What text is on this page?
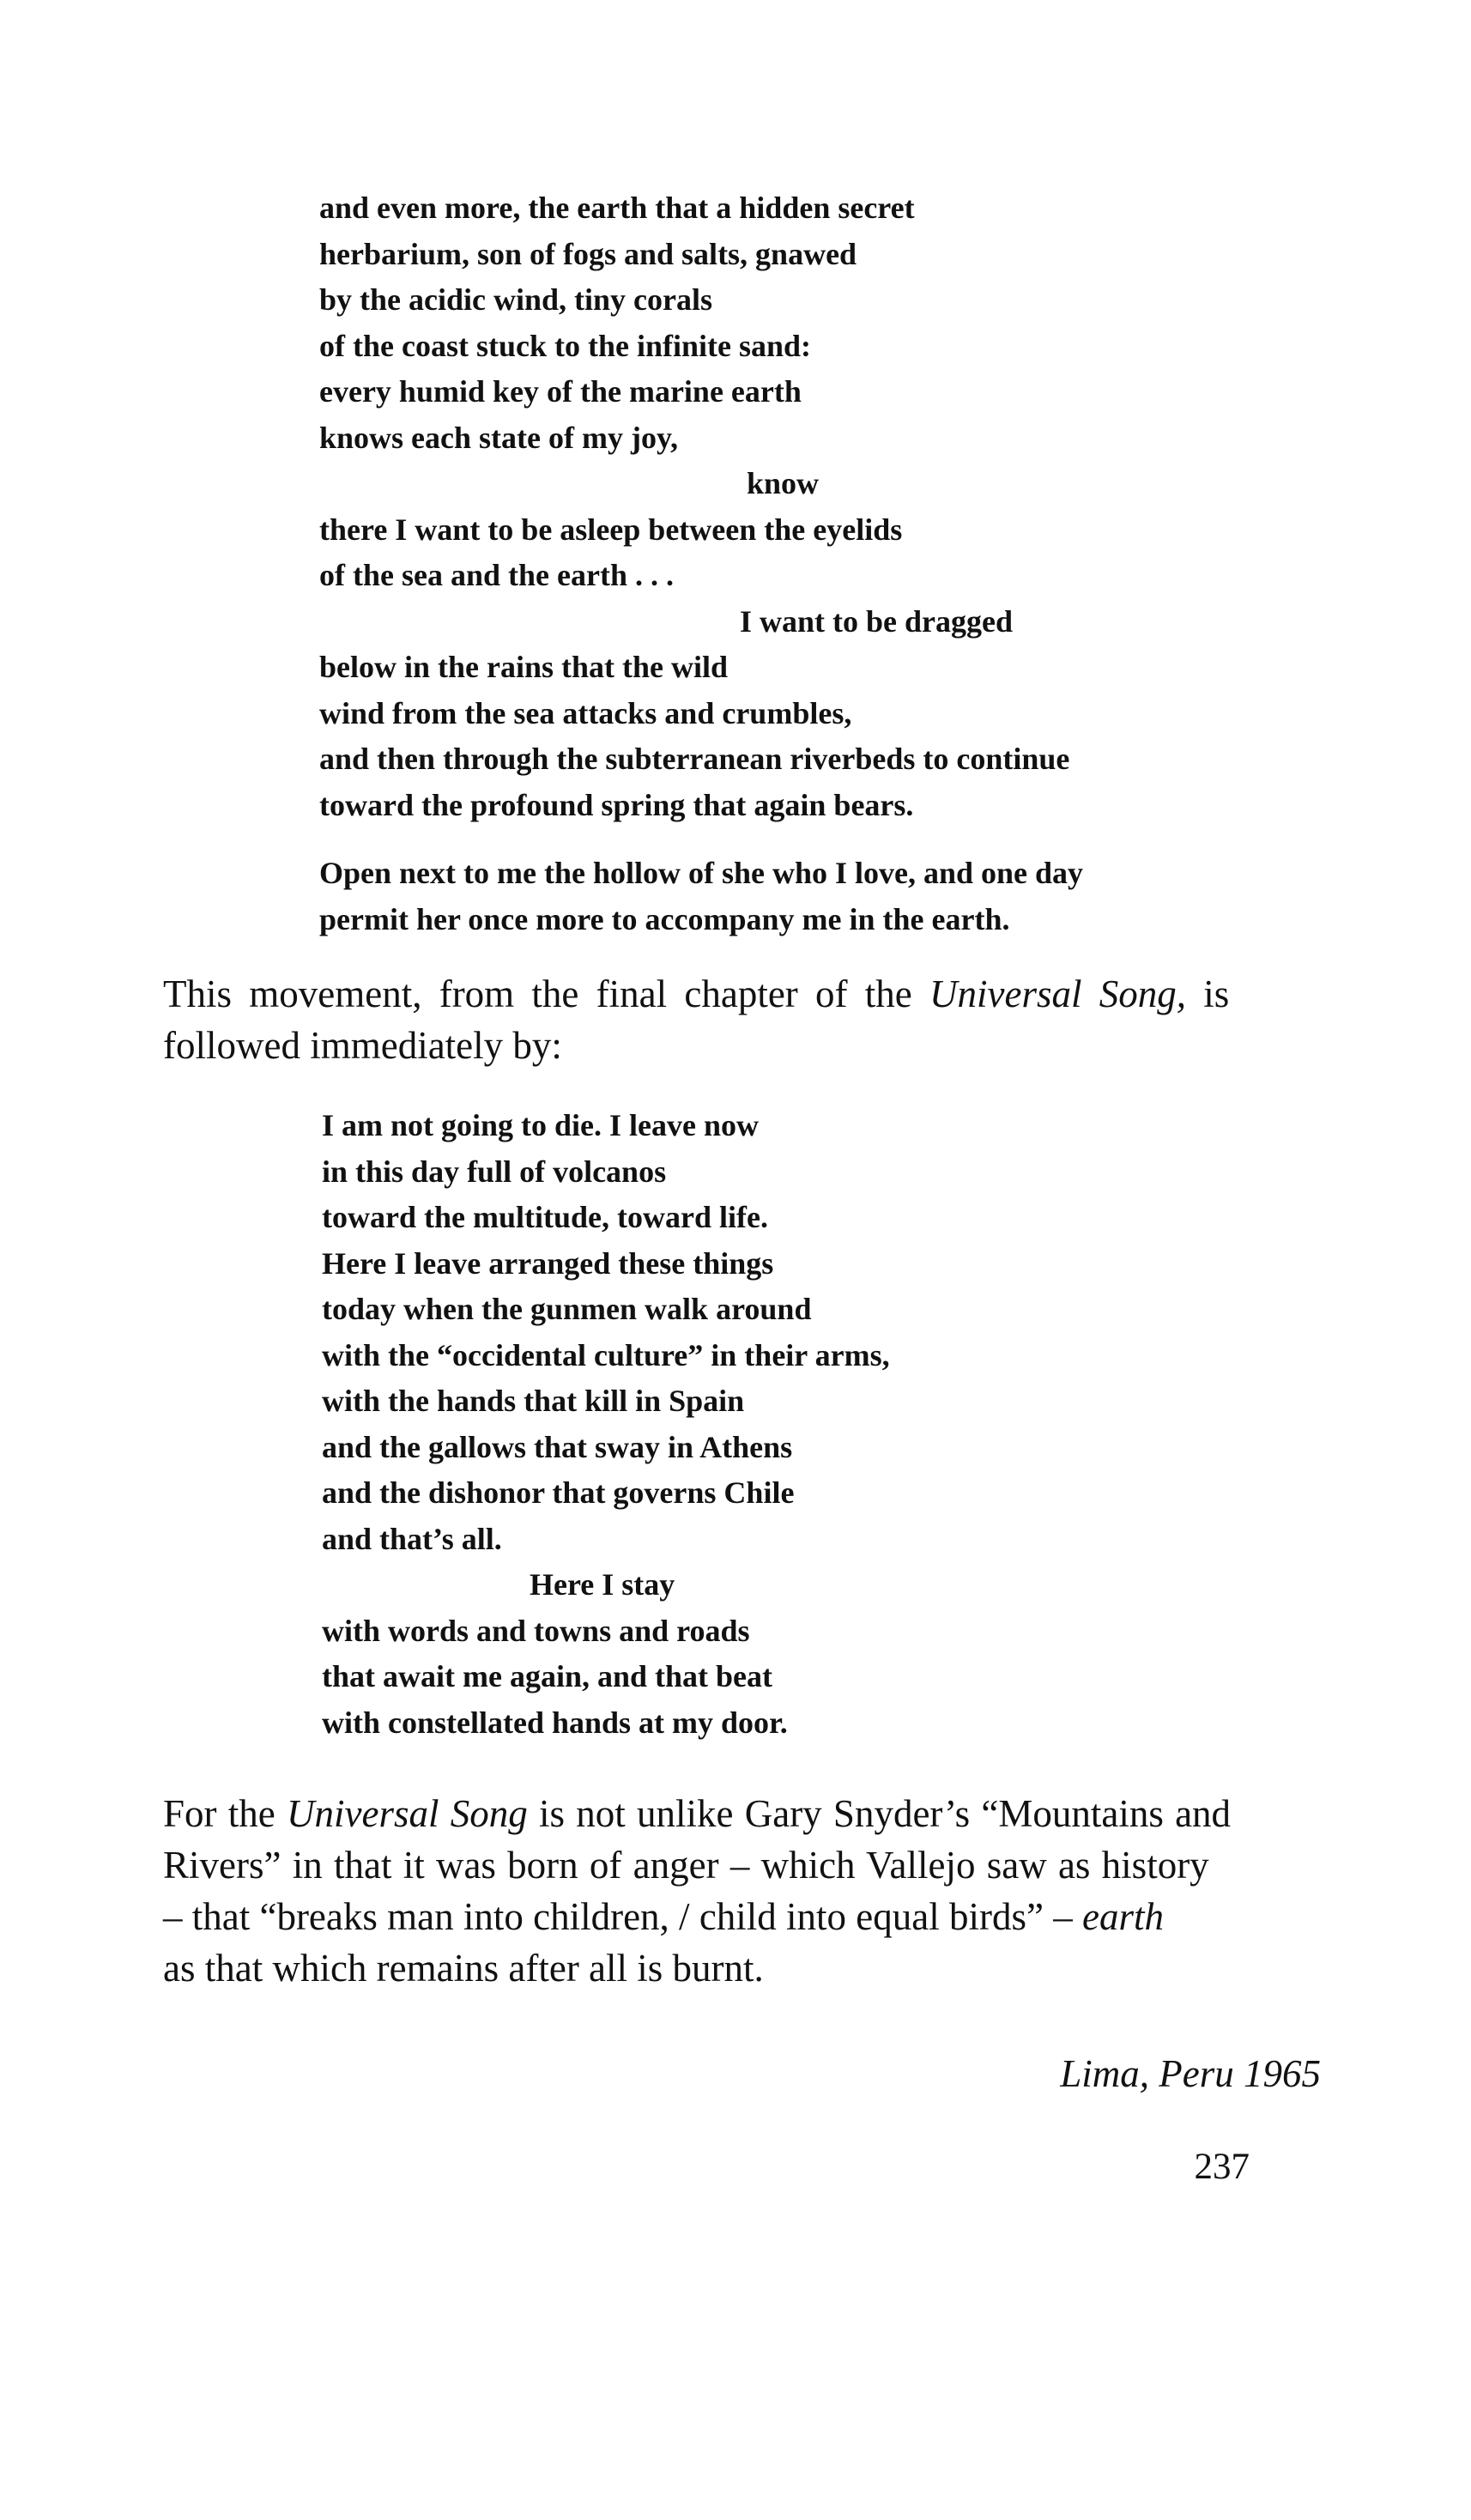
and even more, the earth that a hidden secret
herbarium, son of fogs and salts, gnawed
by the acidic wind, tiny corals
of the coast stuck to the infinite sand:
every humid key of the marine earth
knows each state of my joy,
know
there I want to be asleep between the eyelids
of the sea and the earth . . .
I want to be dragged
below in the rains that the wild
wind from the sea attacks and crumbles,
and then through the subterranean riverbeds to continue
toward the profound spring that again bears.
Open next to me the hollow of she who I love, and one day
permit her once more to accompany me in the earth.
This movement, from the final chapter of the Universal Song, is
followed immediately by:
I am not going to die. I leave now
in this day full of volcanos
toward the multitude, toward life.
Here I leave arranged these things
today when the gunmen walk around
with the “occidental culture” in their arms,
with the hands that kill in Spain
and the gallows that sway in Athens
and the dishonor that governs Chile
and that’s all.
Here I stay
with words and towns and roads
that await me again, and that beat
with constellated hands at my door.
For the Universal Song is not unlike Gary Snyder’s “Mountains and
Rivers” in that it was born of anger – which Vallejo saw as history
– that “breaks man into children, / child into equal birds” – earth
as that which remains after all is burnt.
Lima, Peru 1965
237
